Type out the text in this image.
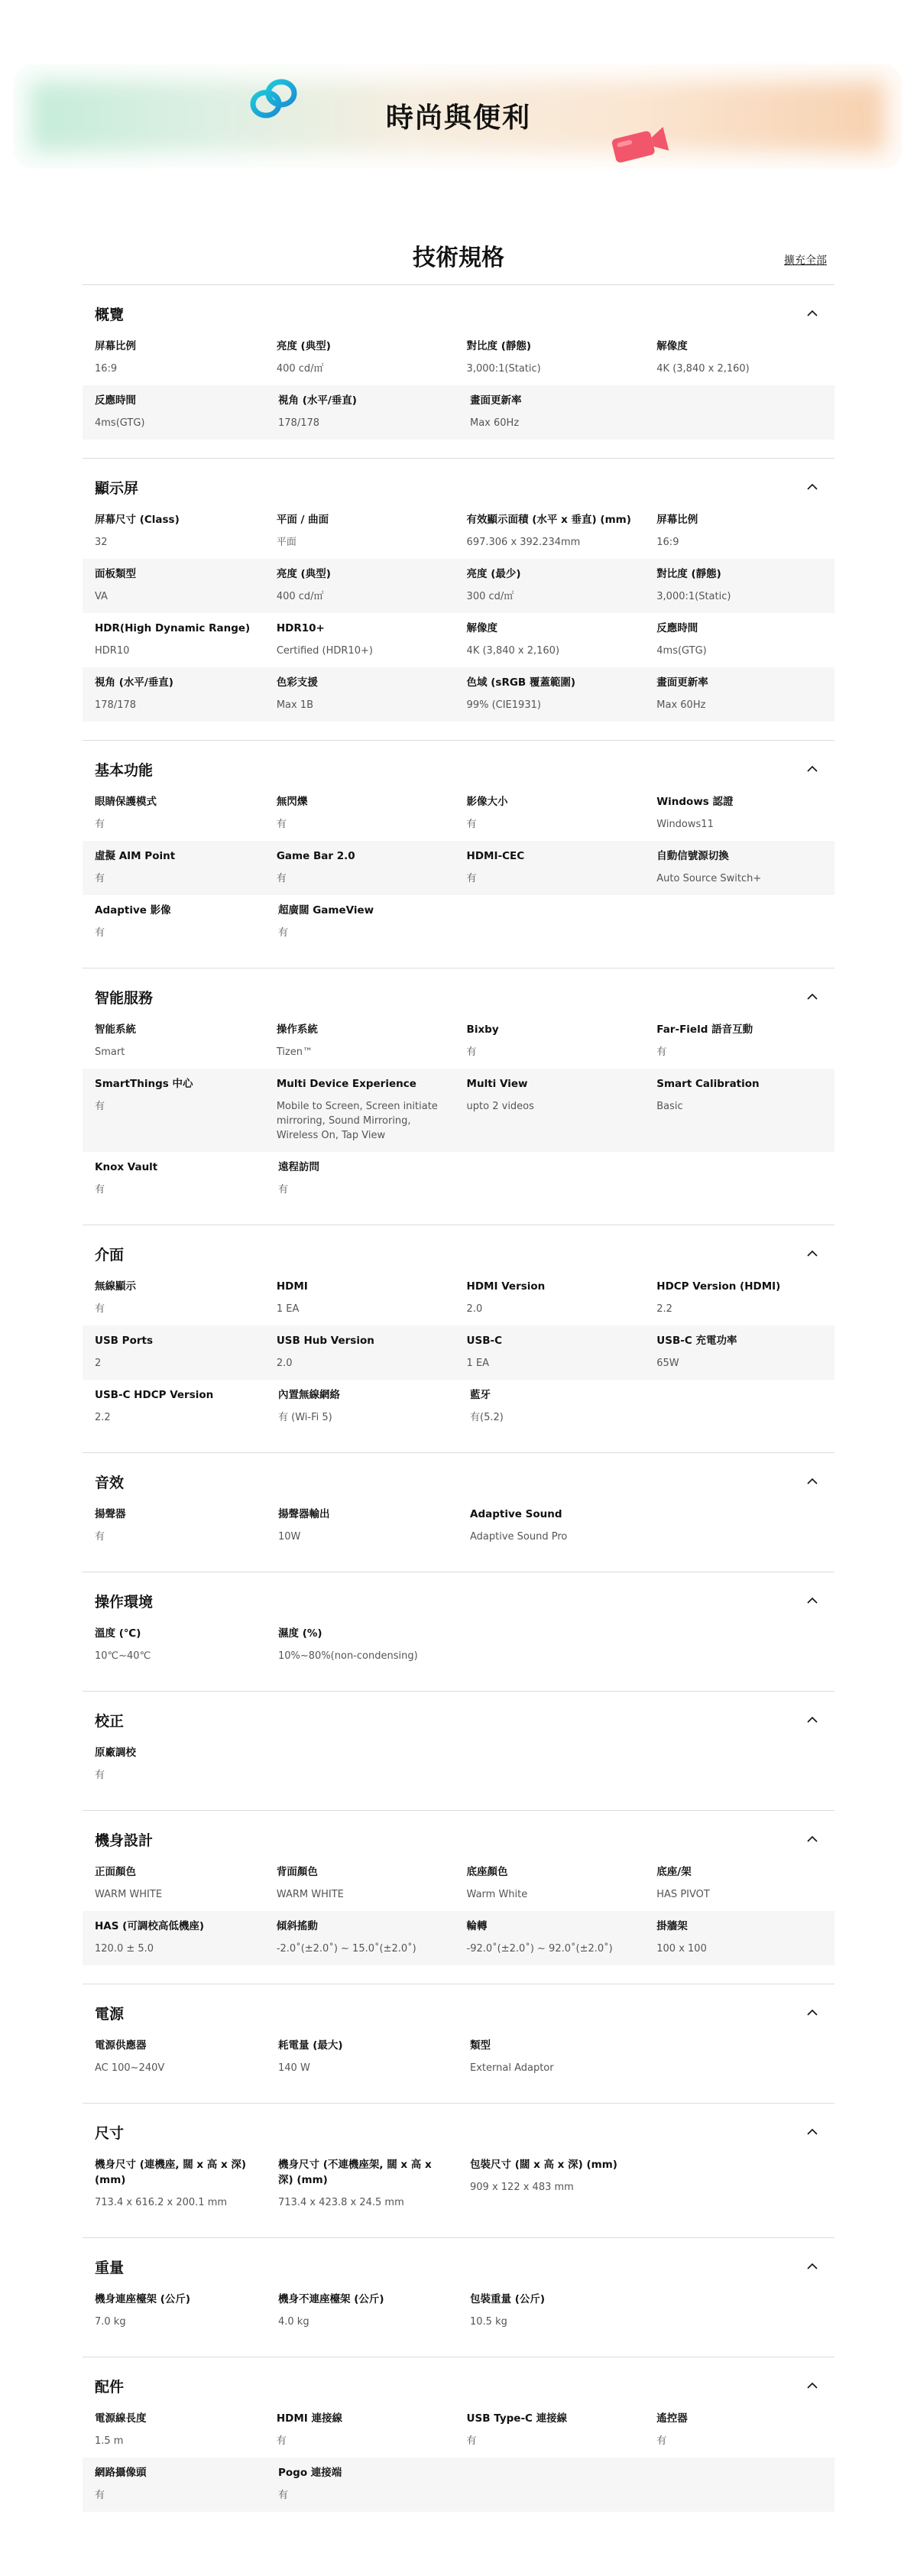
時尚與便利
技術規格	擴充全部
概覽
屏幕比例
16:9
亮度 (典型)
400 cd/㎡
對比度 (靜態)
3,000:1(Static)
解像度
4K (3,840 x 2,160)
反應時間
4ms(GTG)
視角 (水平/垂直)
178/178
畫面更新率
Max 60Hz
顯示屏
屏幕尺寸 (Class)
32
平面 / 曲面
平面
有效顯示面積 (水平 x 垂直) (mm)
697.306 x 392.234mm
屏幕比例
16:9
面板類型
VA
亮度 (典型)
400 cd/㎡
亮度 (最少)
300 cd/㎡
對比度 (靜態)
3,000:1(Static)
HDR(High Dynamic Range)
HDR10
HDR10+
Certified (HDR10+)
解像度
4K (3,840 x 2,160)
反應時間
4ms(GTG)
視角 (水平/垂直)
178/178
色彩支援
Max 1B
色域 (sRGB 覆蓋範圍)
99% (CIE1931)
畫面更新率
Max 60Hz
基本功能
眼睛保護模式
有
無閃爍
有
影像大小
有
Windows 認證
Windows11
虛擬 AIM Point
有
Game Bar 2.0
有
HDMI-CEC
有
自動信號源切換
Auto Source Switch+
Adaptive 影像
有
超廣闊 GameView
有
智能服務
智能系統
Smart
操作系統
Tizen™
Bixby
有
Far-Field 語音互動
有
SmartThings 中心
有
Multi Device Experience
Mobile to Screen, Screen initiate mirroring, Sound Mirroring, Wireless On, Tap View
Multi View
upto 2 videos
Smart Calibration
Basic
Knox Vault
有
遠程訪問
有
介面
無線顯示
有
HDMI
1 EA
HDMI Version
2.0
HDCP Version (HDMI)
2.2
USB Ports
2
USB Hub Version
2.0
USB-C
1 EA
USB-C 充電功率
65W
USB-C HDCP Version
2.2
內置無線網絡
有 (Wi-Fi 5)
藍牙
有(5.2)
音效
揚聲器
有
揚聲器輸出
10W
Adaptive Sound
Adaptive Sound Pro
操作環境
溫度 (℃)
10℃~40℃
濕度 (%)
10%~80%(non-condensing)
校正
原廠調校
有
機身設計
正面顏色
WARM WHITE
背面顏色
WARM WHITE
底座顏色
Warm White
底座/架
HAS PIVOT
HAS (可調校高低機座)
120.0 ± 5.0
傾斜搖動
-2.0˚(±2.0˚) ~ 15.0˚(±2.0˚)
輪轉
-92.0˚(±2.0˚) ~ 92.0˚(±2.0˚)
掛牆架
100 x 100
電源
電源供應器
AC 100~240V
耗電量 (最大)
140 W
類型
External Adaptor
尺寸
機身尺寸 (連機座, 闊 x 高 x 深) (mm)
713.4 x 616.2 x 200.1 mm
機身尺寸 (不連機座架, 闊 x 高 x 深) (mm)
713.4 x 423.8 x 24.5 mm
包裝尺寸 (闊 x 高 x 深) (mm)
909 x 122 x 483 mm
重量
機身連座檯架 (公斤)
7.0 kg
機身不連座檯架 (公斤)
4.0 kg
包裝重量 (公斤)
10.5 kg
配件
電源線長度
1.5 m
HDMI 連接線
有
USB Type-C 連接線
有
遙控器
有
網路攝像頭
有
Pogo 連接端
有
